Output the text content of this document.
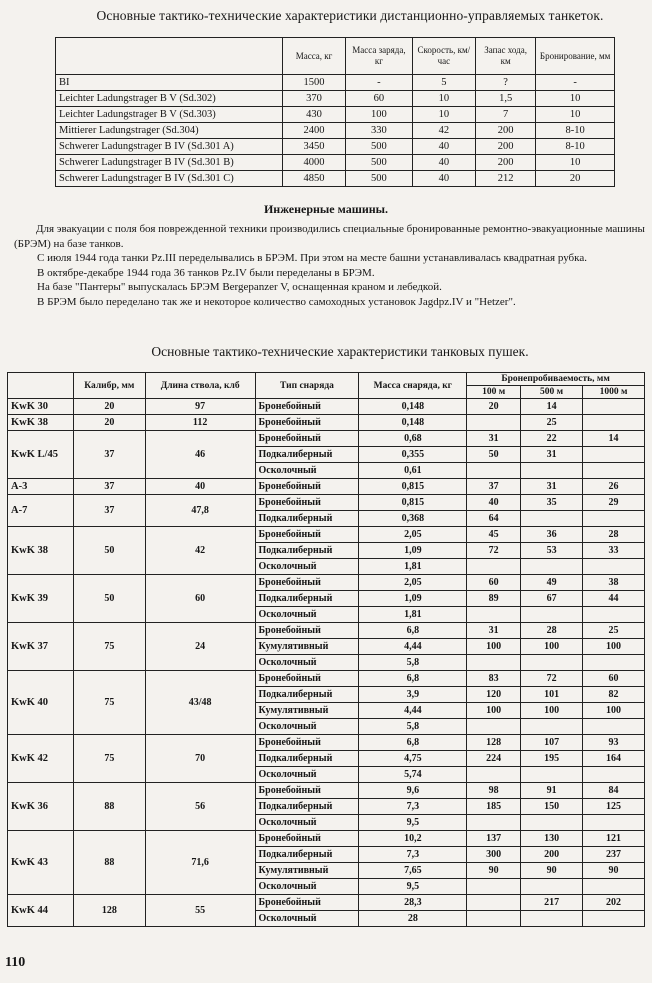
Основные тактико-технические характеристики дистанционно-управляемых танкеток.
	Масса, кг	Масса заряда, кг	Скорость, км/час	Запас хода, км	Бронирование, мм
BI	1500	-	5	?	-
Leichter Ladungstrager B V (Sd.302)	370	60	10	1,5	10
Leichter Ladungstrager B V (Sd.303)	430	100	10	7	10
Mittierer Ladungstrager (Sd.304)	2400	330	42	200	8-10
Schwerer Ladungstrager B IV (Sd.301 A)	3450	500	40	200	8-10
Schwerer Ladungstrager B IV (Sd.301 B)	4000	500	40	200	10
Schwerer Ladungstrager B IV (Sd.301 C)	4850	500	40	212	20
Инженерные машины.

Для эвакуации с поля боя поврежденной техники производились специальные бронированные ремонтно-эвакуационные машины (БРЭМ) на базе танков.

С июля 1944 года танки Pz.III переделывались в БРЭМ. При этом на месте башни устанавливалась квадратная рубка.

В октябре-декабре 1944 года 36 танков Pz.IV были переделаны в БРЭМ.

На базе "Пантеры" выпускалась БРЭМ Bergepanzer V, оснащенная краном и лебедкой.

В БРЭМ было переделано так же и некоторое количество самоходных установок Jagdpz.IV и "Hetzer".

Основные тактико-технические характеристики танковых пушек.
	Калибр, мм	Длина ствола, клб	Тип снаряда	Масса снаряда, кг	Бронепробиваемость, мм		
					100 м	500 м	1000 м
KwK 30	20	97	Бронебойный	0,148	20	14	
KwK 38	20	112	Бронебойный	0,148		25	
KwK L/45	37	46	Бронебойный	0,68	31	22	14
			Подкалиберный	0,355	50	31	
			Осколочный	0,61			
A-3	37	40	Бронебойный	0,815	37	31	26
A-7	37	47,8	Бронебойный	0,815	40	35	29
			Подкалиберный	0,368	64		
KwK 38	50	42	Бронебойный	2,05	45	36	28
			Подкалиберный	1,09	72	53	33
			Осколочный	1,81			
KwK 39	50	60	Бронебойный	2,05	60	49	38
			Подкалиберный	1,09	89	67	44
			Осколочный	1,81			
KwK 37	75	24	Бронебойный	6,8	31	28	25
			Кумулятивный	4,44	100	100	100
			Осколочный	5,8			
KwK 40	75	43/48	Бронебойный	6,8	83	72	60
			Подкалиберный	3,9	120	101	82
			Кумулятивный	4,44	100	100	100
			Осколочный	5,8			
KwK 42	75	70	Бронебойный	6,8	128	107	93
			Подкалиберный	4,75	224	195	164
			Осколочный	5,74			
KwK 36	88	56	Бронебойный	9,6	98	91	84
			Подкалиберный	7,3	185	150	125
			Осколочный	9,5			
KwK 43	88	71,6	Бронебойный	10,2	137	130	121
			Подкалиберный	7,3	300	200	237
			Кумулятивный	7,65	90	90	90
			Осколочный	9,5			
KwK 44	128	55	Бронебойный	28,3		217	202
			Осколочный	28			
110
